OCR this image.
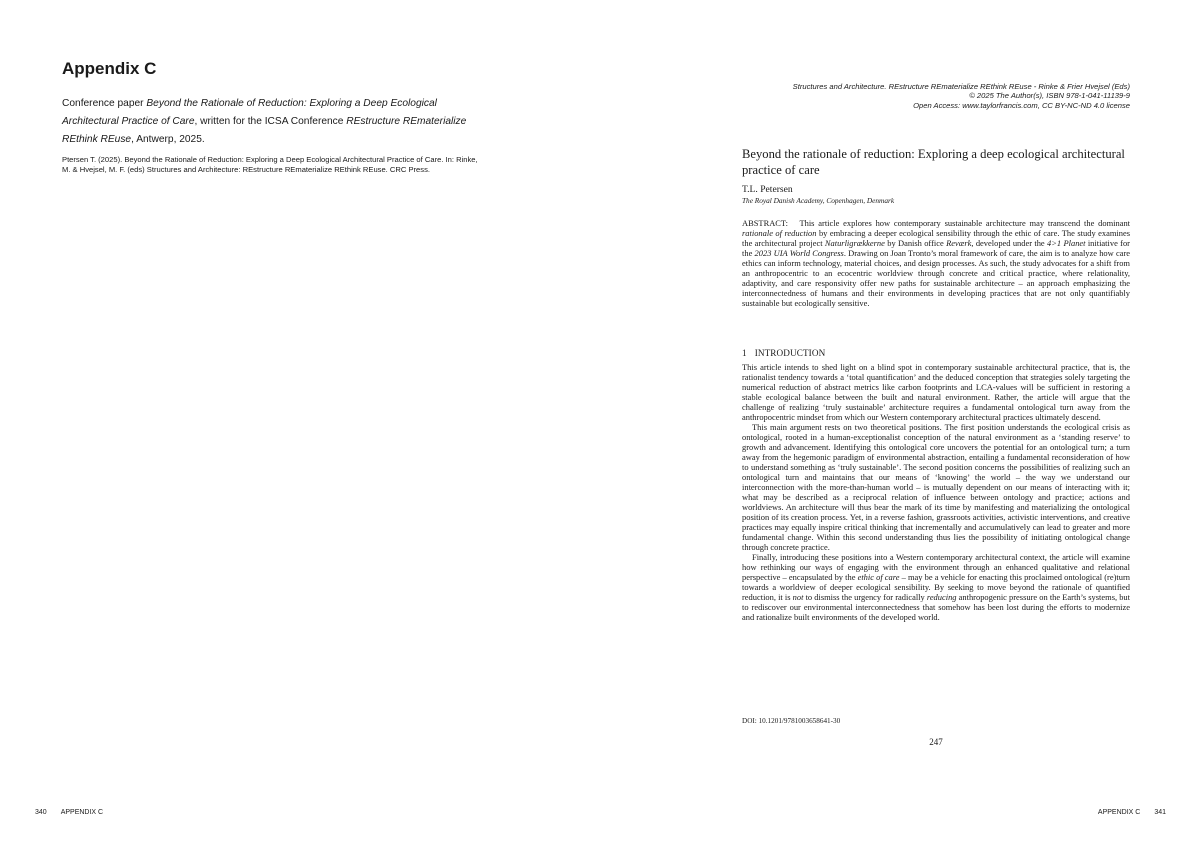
Appendix C

Conference paper Beyond the Rationale of Reduction: Exploring a Deep Ecological Architectural Practice of Care, written for the ICSA Conference REstructure REmaterialize REthink REuse, Antwerp, 2025.

Ptersen T. (2025). Beyond the Rationale of Reduction: Exploring a Deep Ecological Architectural Practice of Care. In: Rinke, M. & Hvejsel, M. F. (eds) Structures and Architecture: REstructure REmaterialize REthink REuse. CRC Press.

340 APPENDIX C
Structures and Architecture. REstructure REmaterialize REthink REuse - Rinke & Frier Hvejsel (Eds)
© 2025 The Author(s), ISBN 978-1-041-11139-9
Open Access: www.taylorfrancis.com, CC BY-NC-ND 4.0 license
Beyond the rationale of reduction: Exploring a deep ecological architectural practice of care
T.L. Petersen
The Royal Danish Academy, Copenhagen, Denmark

ABSTRACT: This article explores how contemporary sustainable architecture may transcend the dominant rationale of reduction by embracing a deeper ecological sensibility through the ethic of care. The study examines the architectural project Naturligrækkerne by Danish office Reværk, developed under the 4>1 Planet initiative for the 2023 UIA World Congress. Drawing on Joan Tronto’s moral framework of care, the aim is to analyze how care ethics can inform technology, material choices, and design processes. As such, the study advocates for a shift from an anthropocentric to an ecocentric worldview through concrete and critical practice, where relationality, adaptivity, and care responsivity offer new paths for sustainable architecture – an approach emphasizing the interconnectedness of humans and their environments in developing practices that are not only quantifiably sustainable but ecologically sensitive.

1 INTRODUCTION

This article intends to shed light on a blind spot in contemporary sustainable architectural practice, that is, the rationalist tendency towards a ‘total quantification’ and the deduced conception that strategies solely targeting the numerical reduction of abstract metrics like carbon footprints and LCA-values will be sufficient in restoring a stable ecological balance between the built and natural environment. Rather, the article will argue that the challenge of realizing ‘truly sustainable’ architecture requires a fundamental ontological turn away from the anthropocentric mindset from which our Western contemporary architectural practices ultimately descend.

This main argument rests on two theoretical positions. The first position understands the ecological crisis as ontological, rooted in a human-exceptionalist conception of the natural environment as a ‘standing reserve’ to growth and advancement. Identifying this ontological core uncovers the potential for an ontological turn; a turn away from the hegemonic paradigm of environmental abstraction, entailing a fundamental reconsideration of how to understand something as ‘truly sustainable’. The second position concerns the possibilities of realizing such an ontological turn and maintains that our means of ‘knowing’ the world – the way we understand our interconnection with the more-than-human world – is mutually dependent on our means of interacting with it; what may be described as a reciprocal relation of influence between ontology and practice; actions and worldviews. An architecture will thus bear the mark of its time by manifesting and materializing the ontological position of its creation process. Yet, in a reverse fashion, grassroots activities, activistic interventions, and creative practices may equally inspire critical thinking that incrementally and accumulatively can lead to greater and more fundamental change. Within this second understanding thus lies the possibility of initiating ontological change through concrete practice.

Finally, introducing these positions into a Western contemporary architectural context, the article will examine how rethinking our ways of engaging with the environment through an enhanced qualitative and relational perspective – encapsulated by the ethic of care – may be a vehicle for enacting this proclaimed ontological (re)turn towards a worldview of deeper ecological sensibility. By seeking to move beyond the rationale of quantified reduction, it is not to dismiss the urgency for radically reducing anthropogenic pressure on the Earth’s systems, but to rediscover our environmental interconnectedness that somehow has been lost during the efforts to modernize and rationalize built environments of the developed world.

DOI: 10.1201/9781003658641-30
247
APPENDIX C 341
